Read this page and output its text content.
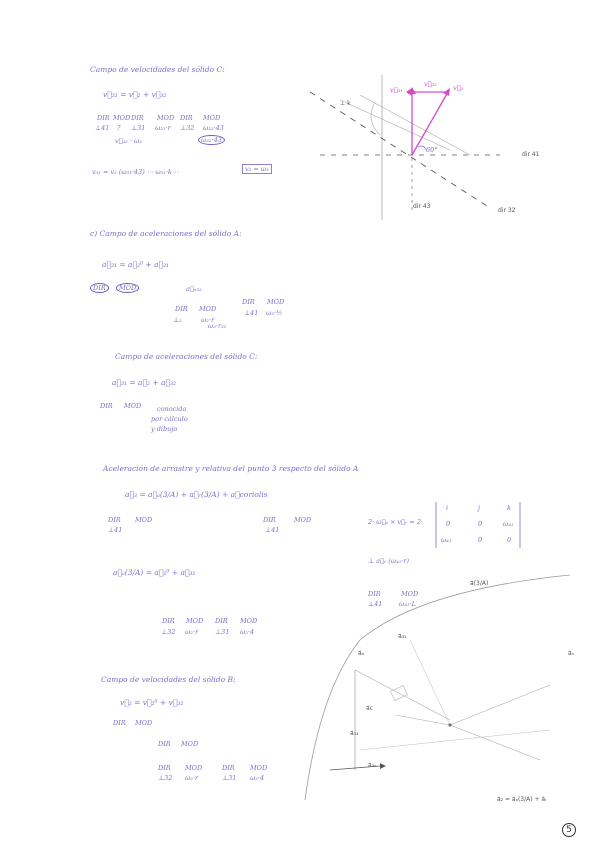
Campo de velocidades del sólido C:
v⃗₃₁ = v⃗₂ + v⃗₃₂
DIR MOD DIR MOD DIR MOD
⊥41 ? ⊥31 ω₂₁·r ⊥32 ω₃₂·43
v⃗₃₂ · ω₂	ω₃₂·43
v₃₁ = v₃ (ω₃₁·43) ⋯ ω₃₁·k⋯	v₃ = ω₃
v⃗₃₁
v⃗₃₂ v⃗₃
⊥ k
60°
dir 41
dir 43
dir 32
c) Campo de aceleraciones del sólido A:
a⃗₃₁ = a⃗₂⁰ + a⃗₃₁
DIR	MOD	a⃗ₙ₃₂
DIR MOD
DIR MOD
⊥₂	ω₂·r
⊥41 ω₃·½
ω₃·r₃₂
Campo de aceleraciones del sólido C:
a⃗₃₁ = a⃗₂ + a⃗₃₂
DIR MOD conocida
por cálculo
y dibujo
Aceleración de arrastre y relativa del punto 3 respecto del sólido A
a⃗₃ = a⃗ₐ(3/A) + a⃗ᵣ(3/A) + a⃗coriolis
DIR MOD
⊥41
DIR	MOD
⊥41
2· ω⃗ₐ × v⃗ᵣ = 2·
i	j	k
0	0	ω₄₁
ω₄₁	0	0
a⃗ₐ(3/A) = a⃗₂⁰ + a⃗₃₂
DIR MOD DIR MOD
⊥32 ω₂·r	⊥31 ω₂·4
⊥ a⃗ᵣ (ω₄₁·r)
DIR	MOD
⊥41	ω₄₁·L
Campo de velocidades del sólido B:
v⃗₂ = v⃗₂⁰ + v⃗₃₂
DIR MOD
DIR MOD
DIR MOD	DIR MOD
⊥32 ω₂·r	⊥31 ω₃·4
a⃗ₐ
a⃗₃₁
a⃗c
a⃗₃₂
a⃗(3/A)
a⃗ₙ
a⃗₃ₙ
a⃗₂ = a⃗ₐ(3/A) + a⃗ᵣ
5
